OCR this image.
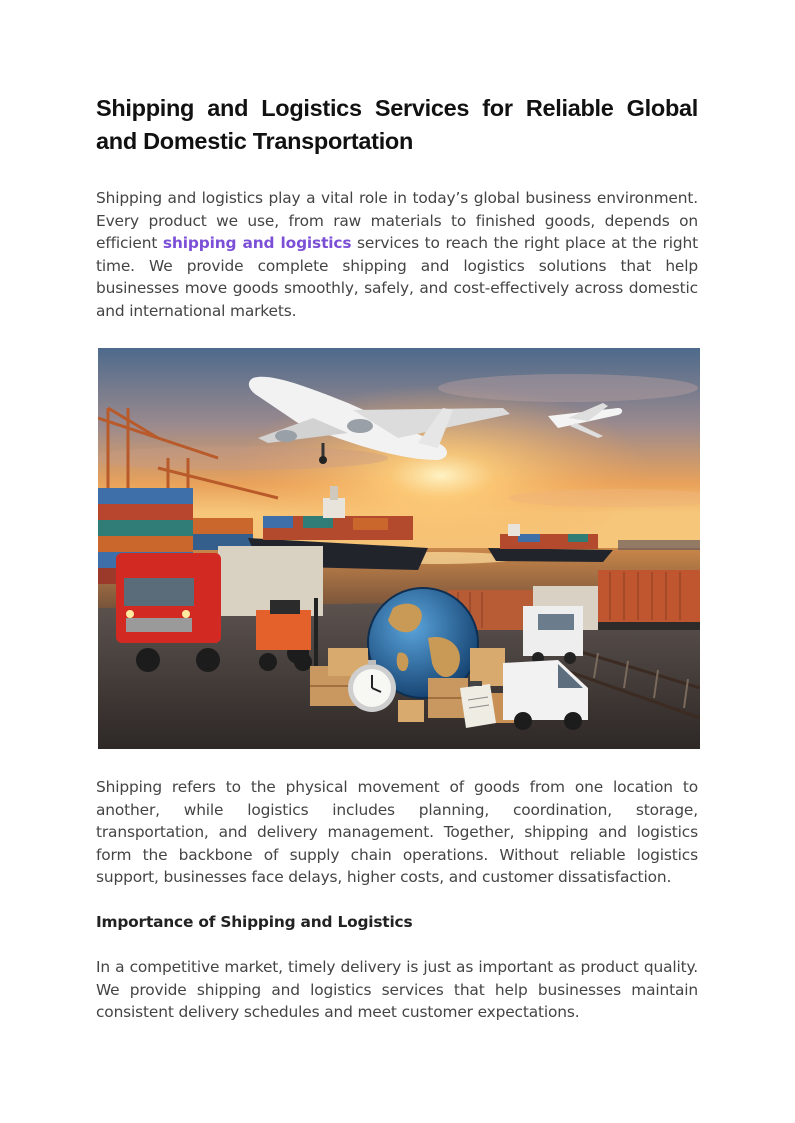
Shipping and Logistics Services for Reliable Global and Domestic Transportation

Shipping and logistics play a vital role in today’s global business environment. Every product we use, from raw materials to finished goods, depends on efficient shipping and logistics services to reach the right place at the right time. We provide complete shipping and logistics solutions that help businesses move goods smoothly, safely, and cost-effectively across domestic and international markets.

Shipping refers to the physical movement of goods from one location to another, while logistics includes planning, coordination, storage, transportation, and delivery management. Together, shipping and logistics form the backbone of supply chain operations. Without reliable logistics support, businesses face delays, higher costs, and customer dissatisfaction.

Importance of Shipping and Logistics

In a competitive market, timely delivery is just as important as product quality. We provide shipping and logistics services that help businesses maintain consistent delivery schedules and meet customer expectations.
